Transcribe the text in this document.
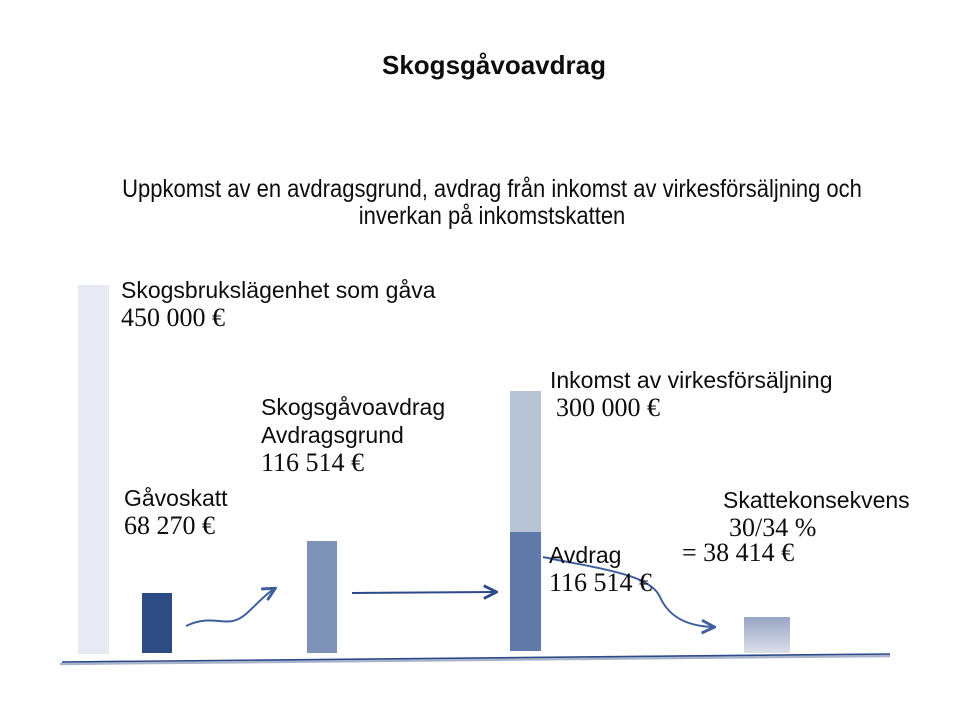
Skogsgåvoavdrag
Uppkomst av en avdragsgrund, avdrag från inkomst av virkesförsäljning och
inverkan på inkomstskatten
Skogsbrukslägenhet som gåva
450 000 €
Skogsgåvoavdrag
Avdragsgrund
116 514 €
Inkomst av virkesförsäljning
300 000 €
Gåvoskatt
68 270 €
Skattekonsekvens
30/34 %
= 38 414 €
Avdrag
116 514 €
